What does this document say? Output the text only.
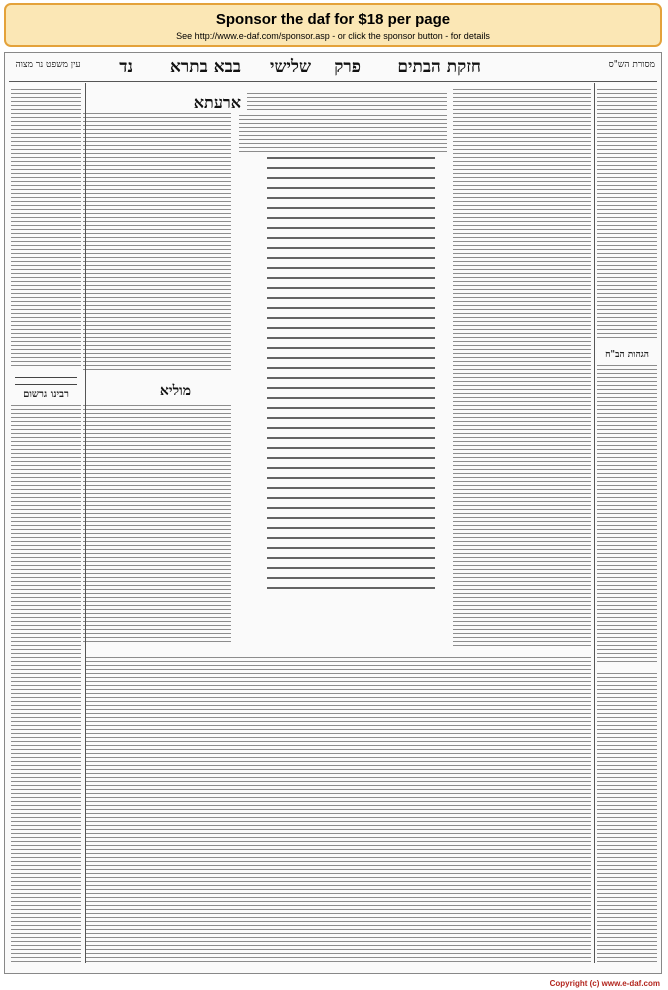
Sponsor the daf for $18 per page
See http://www.e-daf.com/sponsor.asp - or click the sponsor button - for details
מסורת הש"ס
חזקת הבתים
פרק
שלישי
בבא בתרא
נד
עין משפט נר מצוה
הגהות הב"ח
ארעתא
מוליא
רבינו גרשום
Copyright (c) www.e-daf.com
